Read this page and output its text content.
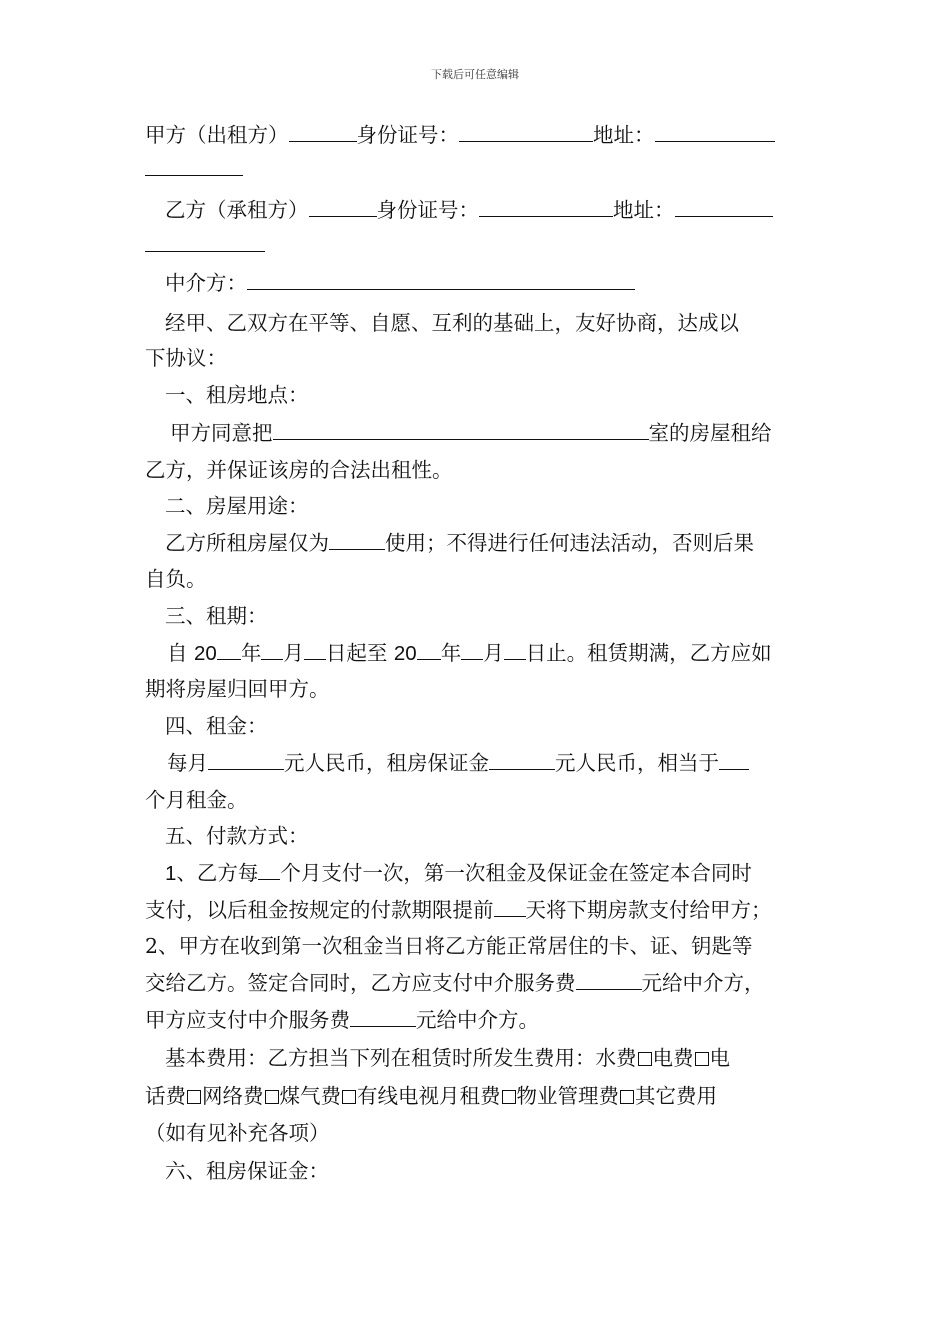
下载后可任意编辑
甲方（出租方）	身份证号：	地址：
乙方（承租方）	身份证号：	地址：
中介方：
经甲、乙双方在平等、自愿、互利的基础上，友好协商，达成以
下协议：
一、租房地点：
甲方同意把	室的房屋租给
乙方，并保证该房的合法出租性。
二、房屋用途：
乙方所租房屋仅为	使用；不得进行任何违法活动，否则后果
自负。
三、租期：
自 20 年 月 日起至 20 年 月 日止。租赁期满，乙方应如
期将房屋归回甲方。
四、租金：
每月	元人民币，租房保证金	元人民币，相当于
个月租金。
五、付款方式：
1、乙方每 个月支付一次，第一次租金及保证金在签定本合同时
支付，以后租金按规定的付款期限提前 天将下期房款支付给甲方；
2、甲方在收到第一次租金当日将乙方能正常居住的卡、证、钥匙等
交给乙方。签定合同时，乙方应支付中介服务费	元给中介方，
甲方应支付中介服务费	元给中介方。
基本费用：乙方担当下列在租赁时所发生费用：水费 电费 电
话费 网络费 煤气费 有线电视月租费 物业管理费 其它费用
（如有见补充各项）
六、租房保证金：
